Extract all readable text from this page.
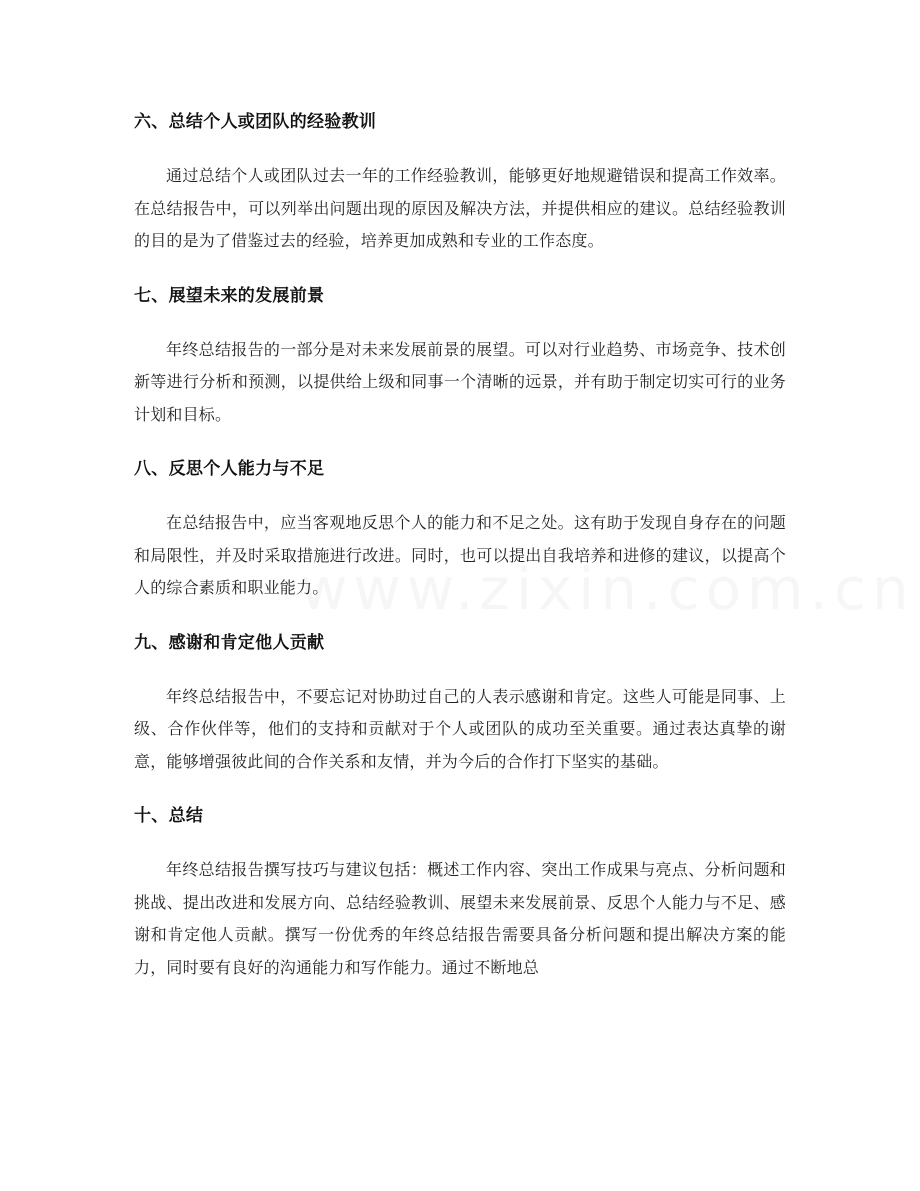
六、总结个人或团队的经验教训

通过总结个人或团队过去一年的工作经验教训，能够更好地规避错误和提高工作效率。在总结报告中，可以列举出问题出现的原因及解决方法，并提供相应的建议。总结经验教训的目的是为了借鉴过去的经验，培养更加成熟和专业的工作态度。

七、展望未来的发展前景

年终总结报告的一部分是对未来发展前景的展望。可以对行业趋势、市场竞争、技术创新等进行分析和预测，以提供给上级和同事一个清晰的远景，并有助于制定切实可行的业务计划和目标。

八、反思个人能力与不足

在总结报告中，应当客观地反思个人的能力和不足之处。这有助于发现自身存在的问题和局限性，并及时采取措施进行改进。同时，也可以提出自我培养和进修的建议，以提高个人的综合素质和职业能力。

九、感谢和肯定他人贡献

年终总结报告中，不要忘记对协助过自己的人表示感谢和肯定。这些人可能是同事、上级、合作伙伴等，他们的支持和贡献对于个人或团队的成功至关重要。通过表达真挚的谢意，能够增强彼此间的合作关系和友情，并为今后的合作打下坚实的基础。

十、总结

年终总结报告撰写技巧与建议包括：概述工作内容、突出工作成果与亮点、分析问题和挑战、提出改进和发展方向、总结经验教训、展望未来发展前景、反思个人能力与不足、感谢和肯定他人贡献。撰写一份优秀的年终总结报告需要具备分析问题和提出解决方案的能力，同时要有良好的沟通能力和写作能力。通过不断地总
